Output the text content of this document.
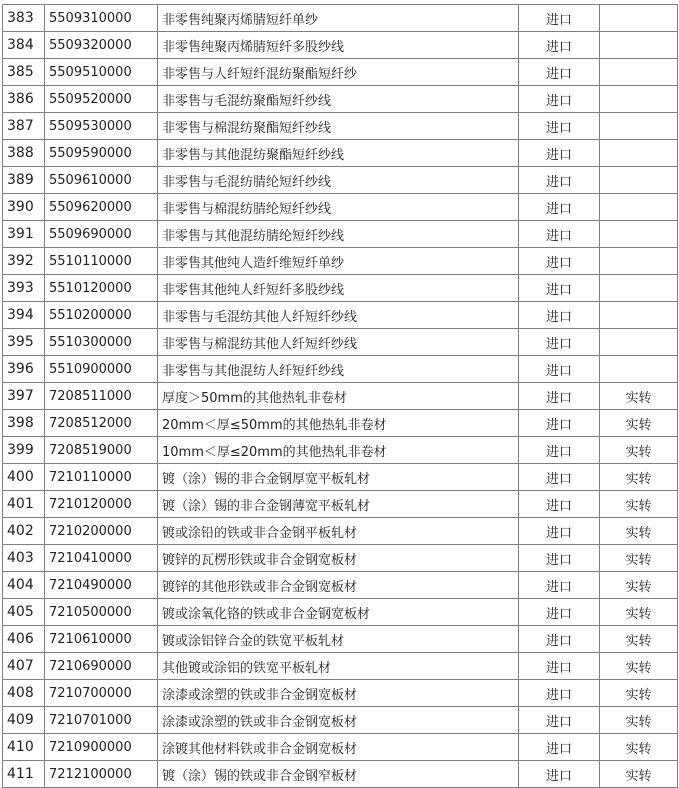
383	5509310000	非零售纯聚丙烯腈短纤单纱	进口	
384	5509320000	非零售纯聚丙烯腈短纤多股纱线	进口	
385	5509510000	非零售与人纤短纤混纺聚酯短纤纱	进口	
386	5509520000	非零售与毛混纺聚酯短纤纱线	进口	
387	5509530000	非零售与棉混纺聚酯短纤纱线	进口	
388	5509590000	非零售与其他混纺聚酯短纤纱线	进口	
389	5509610000	非零售与毛混纺腈纶短纤纱线	进口	
390	5509620000	非零售与棉混纺腈纶短纤纱线	进口	
391	5509690000	非零售与其他混纺腈纶短纤纱线	进口	
392	5510110000	非零售其他纯人造纤维短纤单纱	进口	
393	5510120000	非零售其他纯人纤短纤多股纱线	进口	
394	5510200000	非零售与毛混纺其他人纤短纤纱线	进口	
395	5510300000	非零售与棉混纺其他人纤短纤纱线	进口	
396	5510900000	非零售与其他混纺人纤短纤纱线	进口	
397	7208511000	厚度＞50mm的其他热轧非卷材	进口	实转
398	7208512000	20mm＜厚≤50mm的其他热轧非卷材	进口	实转
399	7208519000	10mm＜厚≤20mm的其他热轧非卷材	进口	实转
400	7210110000	镀（涂）锡的非合金钢厚宽平板轧材	进口	实转
401	7210120000	镀（涂）锡的非合金钢薄宽平板轧材	进口	实转
402	7210200000	镀或涂铅的铁或非合金钢平板轧材	进口	实转
403	7210410000	镀锌的瓦楞形铁或非合金钢宽板材	进口	实转
404	7210490000	镀锌的其他形铁或非合金钢宽板材	进口	实转
405	7210500000	镀或涂氧化铬的铁或非合金钢宽板材	进口	实转
406	7210610000	镀或涂铝锌合金的铁宽平板轧材	进口	实转
407	7210690000	其他镀或涂铝的铁宽平板轧材	进口	实转
408	7210700000	涂漆或涂塑的铁或非合金钢宽板材	进口	实转
409	7210701000	涂漆或涂塑的铁或非合金钢宽板材	进口	实转
410	7210900000	涂镀其他材料铁或非合金钢宽板材	进口	实转
411	7212100000	镀（涂）锡的铁或非合金钢窄板材	进口	实转
